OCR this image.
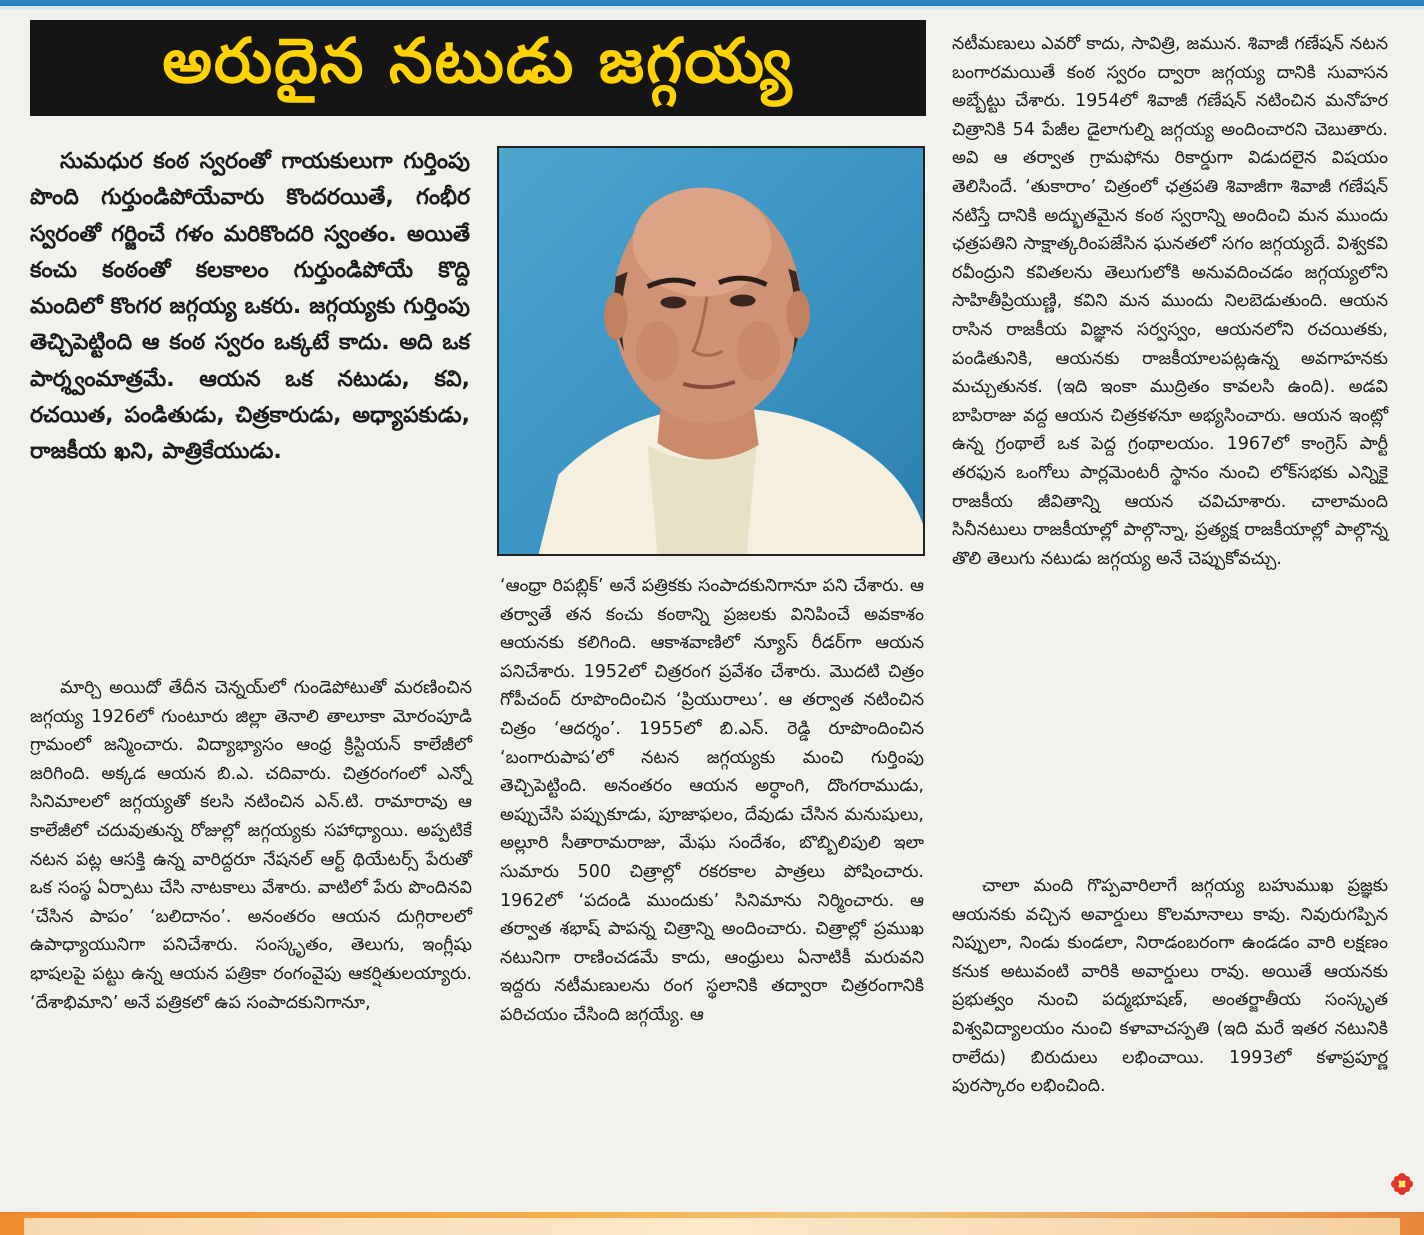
అరుదైన నటుడు జగ్గయ్య

సుమధుర కంఠ స్వరంతో గాయకులుగా గుర్తింపు పొంది గుర్తుండిపోయేవారు కొందరయితే, గంభీర స్వరంతో గర్జించే గళం మరికొందరి స్వంతం. అయితే కంచు కంఠంతో కలకాలం గుర్తుండిపోయే కొద్ది మందిలో కొంగర జగ్గయ్య ఒకరు. జగ్గయ్యకు గుర్తింపు తెచ్చిపెట్టింది ఆ కంఠ స్వరం ఒక్కటే కాదు. అది ఒక పార్శ్వంమాత్రమే. ఆయన ఒక నటుడు, కవి, రచయిత, పండితుడు, చిత్రకారుడు, అధ్యాపకుడు, రాజకీయ ఖని, పాత్రికేయుడు.

మార్చి అయిదో తేదీన చెన్నయ్‌లో గుండెపోటుతో మరణించిన జగ్గయ్య 1926లో గుంటూరు జిల్లా తెనాలి తాలూకా మోరంపూడి గ్రామంలో జన్మించారు. విద్యాభ్యాసం ఆంధ్ర క్రిస్టియన్ కాలేజీలో జరిగింది. అక్కడ ఆయన బి.ఎ. చదివారు. చిత్రరంగంలో ఎన్నో సినిమాలలో జగ్గయ్యతో కలసి నటించిన ఎన్.టి. రామారావు ఆ కాలేజీలో చదువుతున్న రోజుల్లో జగ్గయ్యకు సహాధ్యాయి. అప్పటికే నటన పట్ల ఆసక్తి ఉన్న వారిద్దరూ నేషనల్ ఆర్ట్ థియేటర్స్ పేరుతో ఒక సంస్థ ఏర్పాటు చేసి నాటకాలు వేశారు. వాటిలో పేరు పొందినవి ‘చేసిన పాపం’ ‘బలిదానం’. అనంతరం ఆయన దుగ్గిరాలలో ఉపాధ్యాయునిగా పనిచేశారు. సంస్కృతం, తెలుగు, ఇంగ్లీషు భాషలపై పట్టు ఉన్న ఆయన పత్రికా రంగంవైపు ఆకర్షితులయ్యారు. ‘దేశాభిమాని’ అనే పత్రికలో ఉప సంపాదకునిగానూ,

‘ఆంధ్రా రిపబ్లిక్’ అనే పత్రికకు సంపాదకునిగానూ పని చేశారు. ఆ తర్వాతే తన కంచు కంఠాన్ని ప్రజలకు వినిపించే అవకాశం ఆయనకు కలిగింది. ఆకాశవాణిలో న్యూస్ రీడర్‌గా ఆయన పనిచేశారు. 1952లో చిత్రరంగ ప్రవేశం చేశారు. మొదటి చిత్రం గోపీచంద్ రూపొందించిన ‘ప్రియురాలు’. ఆ తర్వాత నటించిన చిత్రం ‘ఆదర్శం’. 1955లో బి.ఎన్. రెడ్డి రూపొందించిన ‘బంగారుపాప’లో నటన జగ్గయ్యకు మంచి గుర్తింపు తెచ్చిపెట్టింది. అనంతరం ఆయన అర్ధాంగి, దొంగరాముడు, అప్పుచేసి పప్పుకూడు, పూజాఫలం, దేవుడు చేసిన మనుషులు, అల్లూరి సీతారామరాజు, మేఘ సందేశం, బొబ్బిలిపులి ఇలా సుమారు 500 చిత్రాల్లో రకరకాల పాత్రలు పోషించారు. 1962లో ‘పదండి ముందుకు’ సినిమాను నిర్మించారు. ఆ తర్వాత శభాష్ పాపన్న చిత్రాన్ని అందించారు. చిత్రాల్లో ప్రముఖ నటునిగా రాణించడమే కాదు, ఆంధ్రులు ఏనాటికీ మరువని ఇద్దరు నటీమణులను రంగ స్థలానికి తద్వారా చిత్రరంగానికి పరిచయం చేసింది జగ్గయ్యే. ఆ

నటీమణులు ఎవరో కాదు, సావిత్రి, జమున. శివాజీ గణేషన్ నటన బంగారమయితే కంఠ స్వరం ద్వారా జగ్గయ్య దానికి సువాసన అబ్బేట్టు చేశారు. 1954లో శివాజీ గణేషన్ నటించిన మనోహర చిత్రానికి 54 పేజీల డైలాగుల్ని జగ్గయ్య అందించారని చెబుతారు. అవి ఆ తర్వాత గ్రామఫోను రికార్డుగా విడుదలైన విషయం తెలిసిందే. ‘తుకారాం’ చిత్రంలో ఛత్రపతి శివాజీగా శివాజీ గణేషన్ నటిస్తే దానికి అద్భుతమైన కంఠ స్వరాన్ని అందించి మన ముందు ఛత్రపతిని సాక్షాత్కరింపజేసిన ఘనతలో సగం జగ్గయ్యదే. విశ్వకవి రవీంద్రుని కవితలను తెలుగులోకి అనువదించడం జగ్గయ్యలోని సాహితీప్రియుణ్ణి, కవిని మన ముందు నిలబెడుతుంది. ఆయన రాసిన రాజకీయ విజ్ఞాన సర్వస్వం, ఆయనలోని రచయితకు, పండితునికి, ఆయనకు రాజకీయాలపట్లఉన్న అవగాహనకు మచ్చుతునక. (ఇది ఇంకా ముద్రితం కావలసి ఉంది). అడవి బాపిరాజు వద్ద ఆయన చిత్రకళనూ అభ్యసించారు. ఆయన ఇంట్లో ఉన్న గ్రంథాలే ఒక పెద్ద గ్రంథాలయం. 1967లో కాంగ్రెస్ పార్టీ తరఫున ఒంగోలు పార్లమెంటరీ స్థానం నుంచి లోక్‌సభకు ఎన్నికై రాజకీయ జీవితాన్ని ఆయన చవిచూశారు. చాలామంది సినీనటులు రాజకీయాల్లో పాల్గొన్నా, ప్రత్యక్ష రాజకీయాల్లో పాల్గొన్న తొలి తెలుగు నటుడు జగ్గయ్య అనే చెప్పుకోవచ్చు.

చాలా మంది గొప్పవారిలాగే జగ్గయ్య బహుముఖ ప్రజ్ఞకు ఆయనకు వచ్చిన అవార్డులు కొలమానాలు కావు. నివురుగప్పిన నిప్పులా, నిండు కుండలా, నిరాడంబరంగా ఉండడం వారి లక్షణం కనుక అటువంటి వారికి అవార్డులు రావు. అయితే ఆయనకు ప్రభుత్వం నుంచి పద్మభూషణ్, అంతర్జాతీయ సంస్కృత విశ్వవిద్యాలయం నుంచి కళావాచస్పతి (ఇది మరే ఇతర నటునికి రాలేదు) బిరుదులు లభించాయి. 1993లో కళాప్రపూర్ణ పురస్కారం లభించింది.
